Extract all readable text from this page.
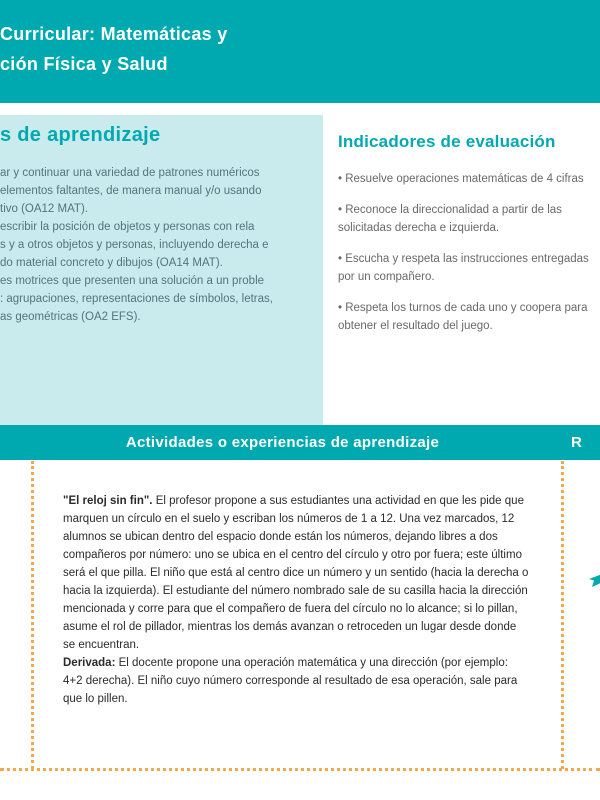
Curricular: Matemáticas y
ción Física y Salud
s de aprendizaje
ar y continuar una variedad de patrones numéricos
elementos faltantes, de manera manual y/o usando
tivo (OA12 MAT).
escribir la posición de objetos y personas con rela
s y a otros objetos y personas, incluyendo derecha e
do material concreto y dibujos (OA14 MAT).
es motrices que presenten una solución a un proble
: agrupaciones, representaciones de símbolos, letras,
as geométricas (OA2 EFS).
Indicadores de evaluación
• Resuelve operaciones matemáticas de 4 cifras
• Reconoce la direccionalidad a partir de las
solicitadas derecha e izquierda.
• Escucha y respeta las instrucciones entregadas
por un compañero.
• Respeta los turnos de cada uno y coopera para
obtener el resultado del juego.
Actividades o experiencias de aprendizaje	R
"El reloj sin fin". El profesor propone a sus estudiantes una actividad en que les pide que
marquen un círculo en el suelo y escriban los números de 1 a 12. Una vez marcados, 12
alumnos se ubican dentro del espacio donde están los números, dejando libres a dos
compañeros por número: uno se ubica en el centro del círculo y otro por fuera; este último
será el que pilla. El niño que está al centro dice un número y un sentido (hacia la derecha o
hacia la izquierda). El estudiante del número nombrado sale de su casilla hacia la dirección
mencionada y corre para que el compañero de fuera del círculo no lo alcance; si lo pillan,
asume el rol de pillador, mientras los demás avanzan o retroceden un lugar desde donde
se encuentran.
Derivada: El docente propone una operación matemática y una dirección (por ejemplo:
4+2 derecha). El niño cuyo número corresponde al resultado de esa operación, sale para
que lo pillen.
